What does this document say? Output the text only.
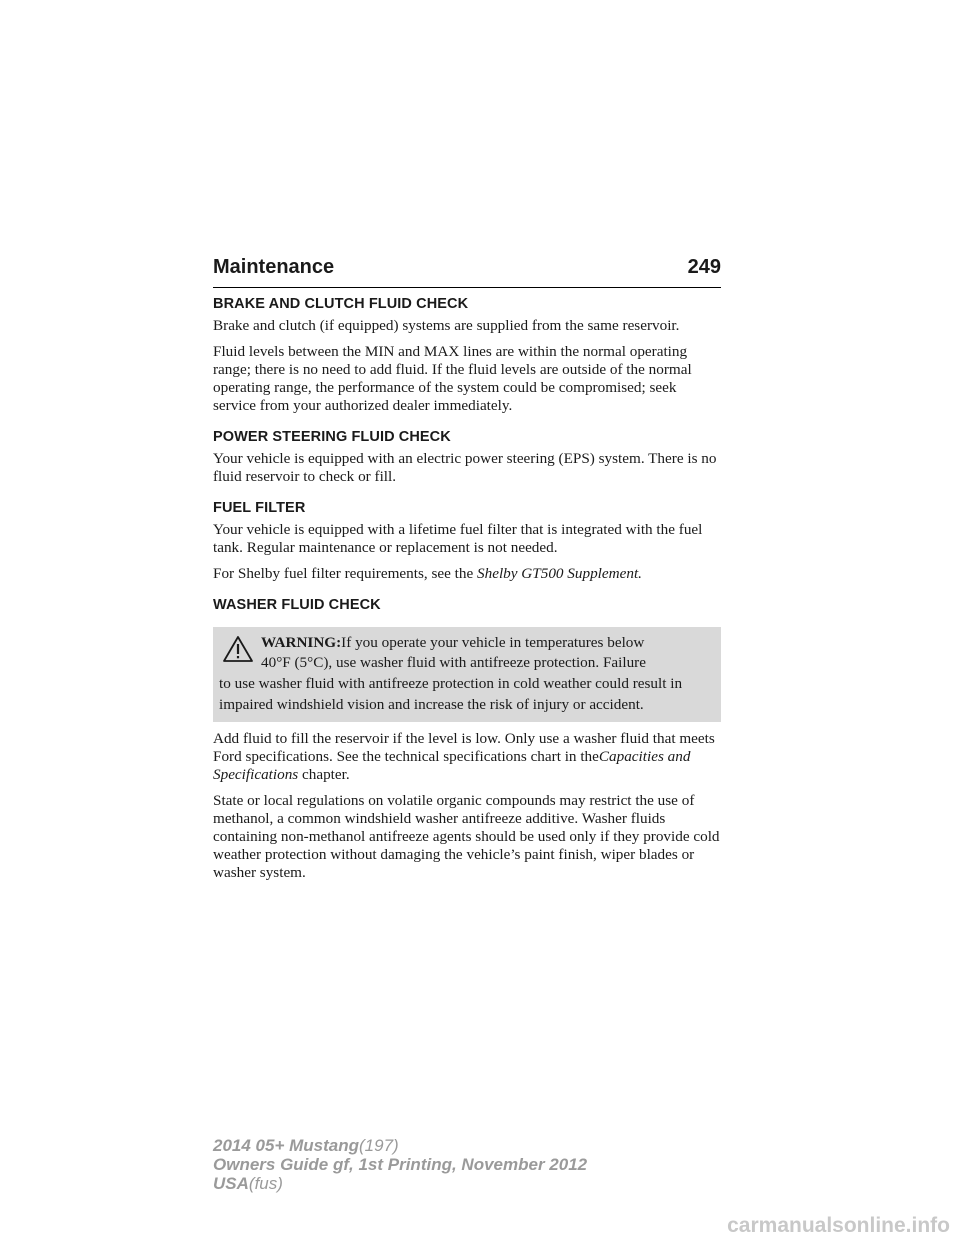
Maintenance	249
BRAKE AND CLUTCH FLUID CHECK

Brake and clutch (if equipped) systems are supplied from the same reservoir.

Fluid levels between the MIN and MAX lines are within the normal operating range; there is no need to add fluid. If the fluid levels are outside of the normal operating range, the performance of the system could be compromised; seek service from your authorized dealer immediately.

POWER STEERING FLUID CHECK

Your vehicle is equipped with an electric power steering (EPS) system. There is no fluid reservoir to check or fill.

FUEL FILTER

Your vehicle is equipped with a lifetime fuel filter that is integrated with the fuel tank. Regular maintenance or replacement is not needed.

For Shelby fuel filter requirements, see the Shelby GT500 Supplement.

WASHER FLUID CHECK
WARNING:If you operate your vehicle in temperatures below
40°F (5°C), use washer fluid with antifreeze protection. Failure
to use washer fluid with antifreeze protection in cold weather could result in impaired windshield vision and increase the risk of injury or accident.

Add fluid to fill the reservoir if the level is low. Only use a washer fluid that meets Ford specifications. See the technical specifications chart in theCapacities and Specifications chapter.

State or local regulations on volatile organic compounds may restrict the use of methanol, a common windshield washer antifreeze additive. Washer fluids containing non-methanol antifreeze agents should be used only if they provide cold weather protection without damaging the vehicle’s paint finish, wiper blades or washer system.

2014 05+ Mustang(197)
Owners Guide gf, 1st Printing, November 2012
USA(fus)
carmanualsonline.info
